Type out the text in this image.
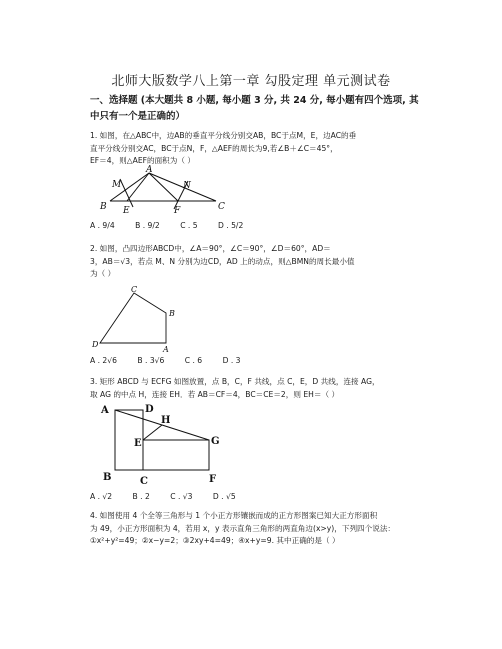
北师大版数学八上第一章 勾股定理 单元测试卷
一、选择题 (本大题共 8 小题, 每小题 3 分, 共 24 分, 每小题有四个选项, 其
中只有一个是正确的）
1. 如图，在△ABC中，边AB的垂直平分线分别交AB，BC于点M，E，边AC的垂
直平分线分别交AC，BC于点N，F，△AEF的周长为9,若∠B＋∠C＝45°，
EF＝4，则△AEF的面积为（ ）
A
B	C
E	F
M	N
A . 9/4	B . 9/2	C . 5	D . 5/2
2. 如图，凸四边形ABCD中，∠A＝90°，∠C＝90°，∠D＝60°，AD＝
3，AB＝√3，若点 M、N 分别为边CD，AD 上的动点，则△BMN的周长最小值
为（ ）
A
B
C
D
A . 2√6	B . 3√6	C . 6	D . 3
3. 矩形 ABCD 与 ECFG 如图放置，点 B，C，F 共线，点 C，E，D 共线，连接 AG，
取 AG 的中点 H，连接 EH．若 AB＝CF＝4，BC＝CE＝2，则 EH＝（ ）
A	D
H
E	G
B	C	F
A . √2	B . 2	C . √3	D . √5
4. 如图使用 4 个全等三角形与 1 个小正方形镶嵌而成的正方形图案已知大正方形面积
为 49，小正方形面积为 4，若用 x，y 表示直角三角形的两直角边(x>y)，下列四个说法：
①x²+y²=49；②x−y=2；③2xy+4=49；④x+y=9. 其中正确的是（ ）
